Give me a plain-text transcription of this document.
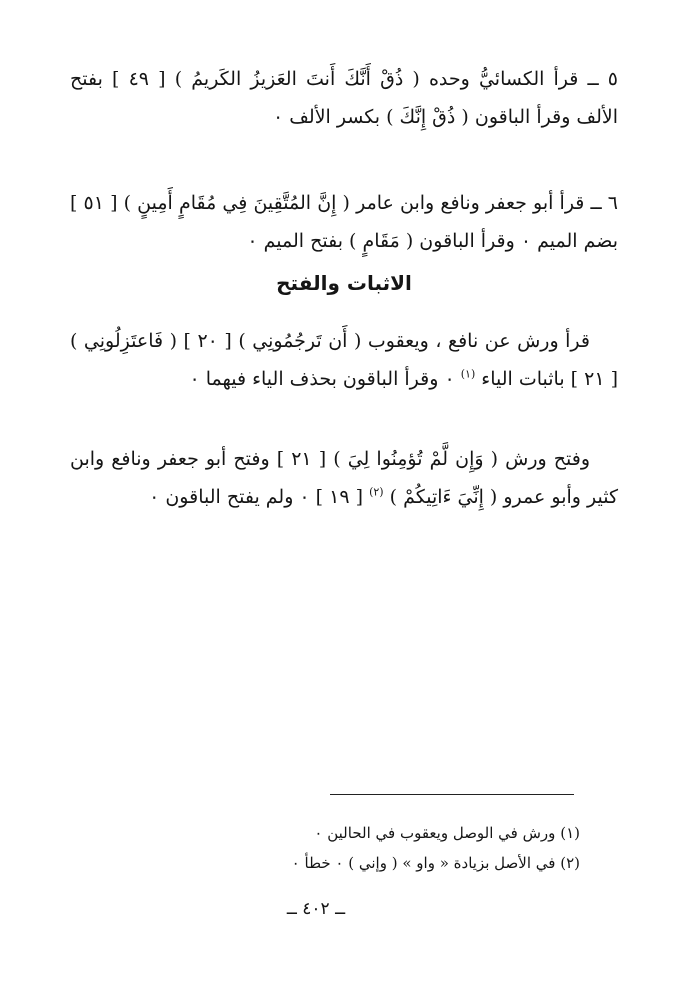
٥ ــ قرأ الكسائيُّ وحده ( ذُقْ أَنَّكَ أَنتَ العَزيزُ الكَريمُ ) [ ٤٩ ] بفتح الألف وقرأ الباقون ( ذُقْ إِنَّكَ ) بكسر الألف ٠
٦ ــ قرأ أبو جعفر ونافع وابن عامر ( إِنَّ المُتَّقِينَ فِي مُقَامٍ أَمِينٍ ) [ ٥١ ] بضم الميم ٠ وقرأ الباقون ( مَقَامٍ ) بفتح الميم ٠
الاثبات والفتح
قرأ ورش عن نافع ، ويعقوب ( أَن تَرجُمُونِي ) [ ٢٠ ] ( فَاعتَزِلُونِي ) [ ٢١ ] باثبات الياء $^{(١)}$ ٠ وقرأ الباقون بحذف الياء فيهما ٠
وفتح ورش ( وَإِن لَّمْ تُؤمِنُوا لِيَ ) [ ٢١ ] وفتح أبو جعفر ونافع وابن كثير وأبو عمرو ( إِنِّيَ ءَاتِيكُمْ ) $^{(٢)}$ [ ١٩ ] ٠ ولم يفتح الباقون ٠
(١) ورش في الوصل ويعقوب في الحالين ٠
(٢) في الأصل بزيادة « واو » ( وإني ) ٠ خطأ ٠
ــ ٤٠٢ ــ
